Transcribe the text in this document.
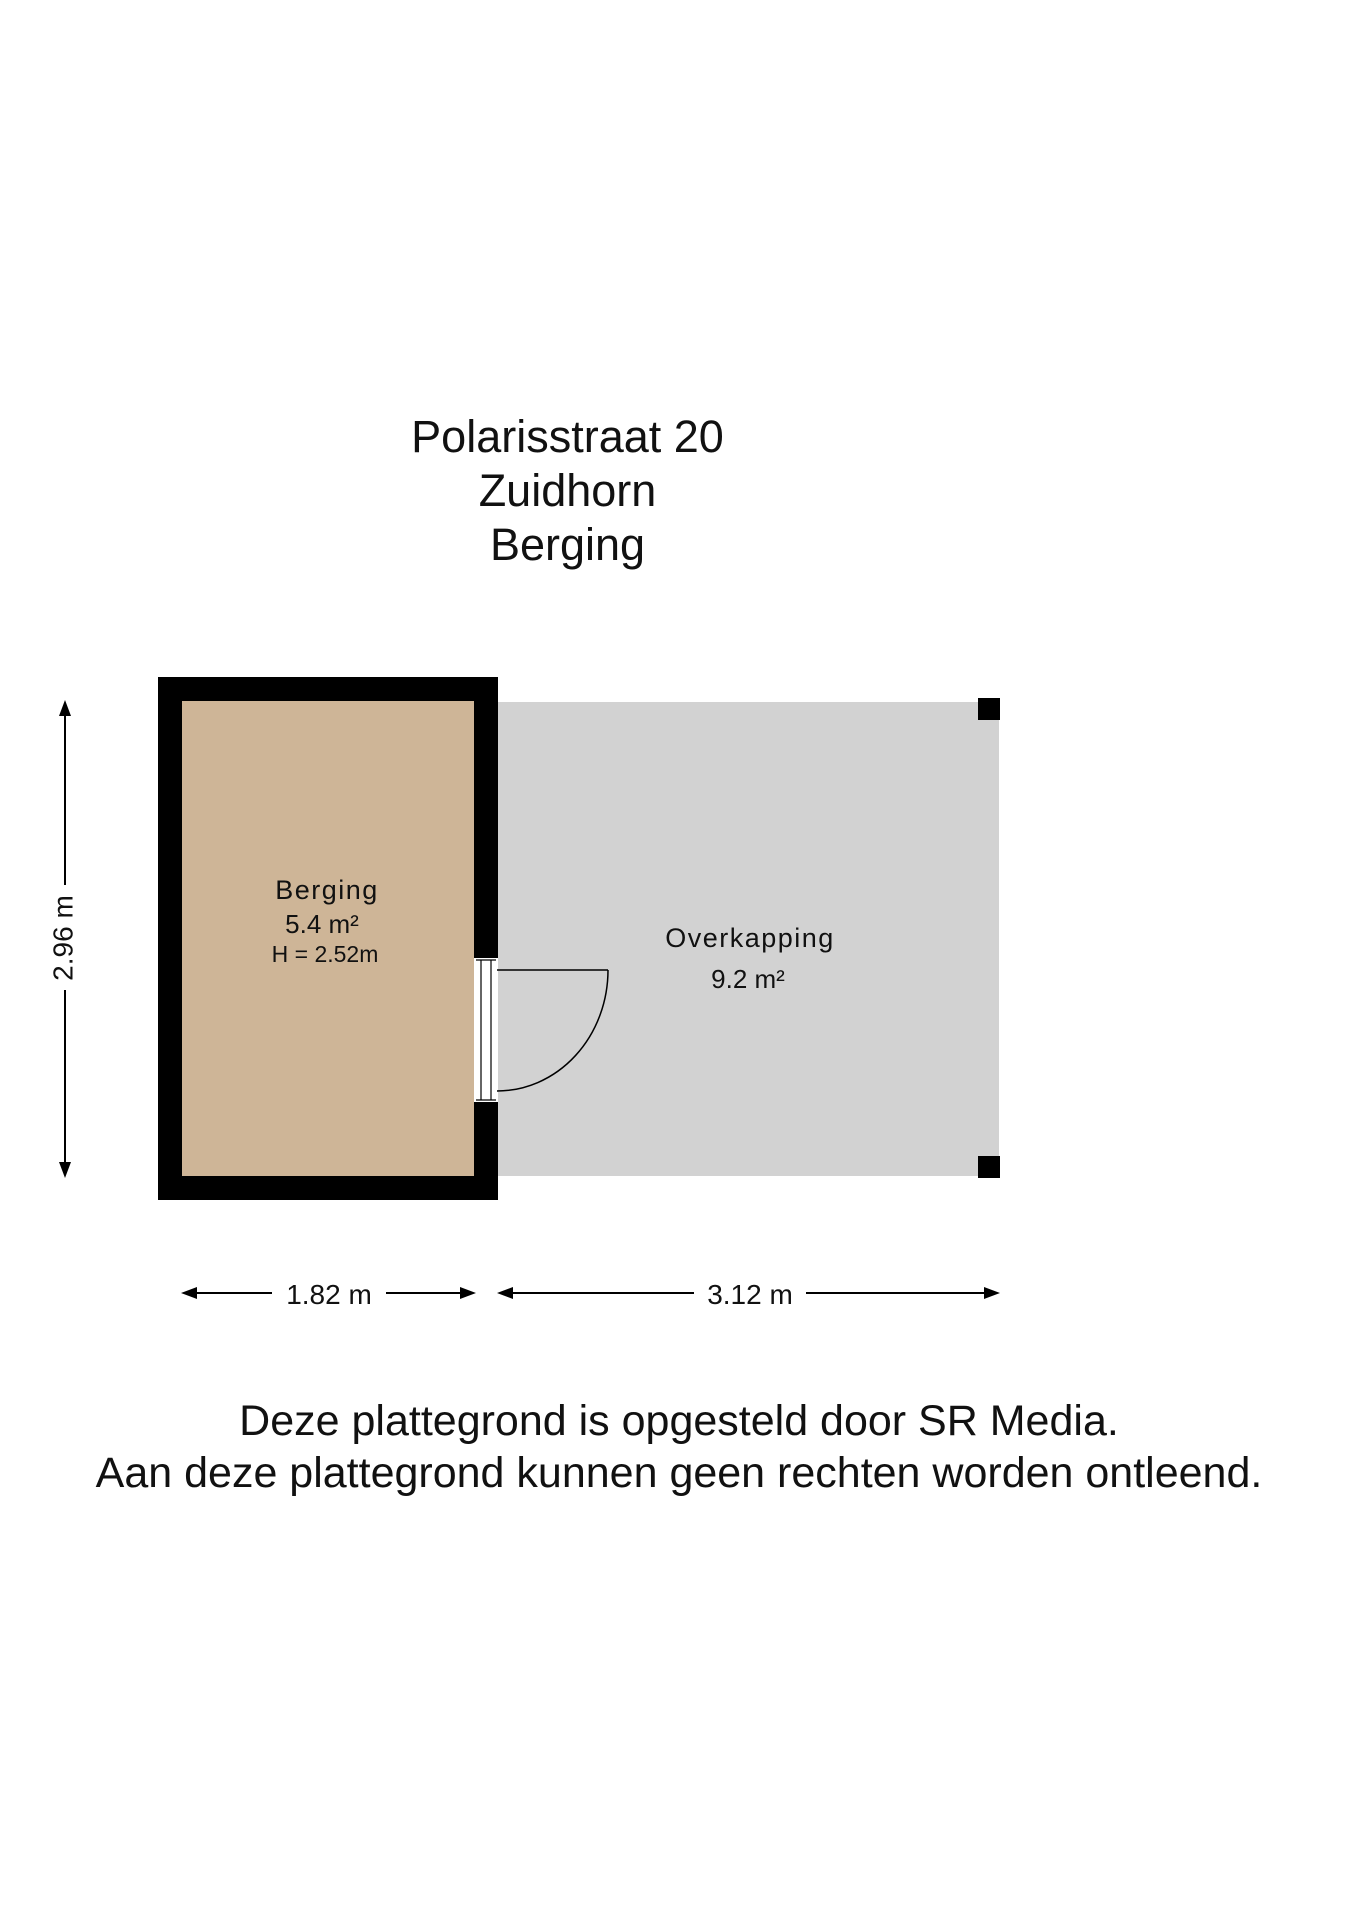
Polarisstraat 20
Zuidhorn
Berging
Berging
5.4 m²
H = 2.52m
Overkapping
9.2 m²
2.96 m
1.82 m	3.12 m
Deze plattegrond is opgesteld door SR Media.
Aan deze plattegrond kunnen geen rechten worden ontleend.
